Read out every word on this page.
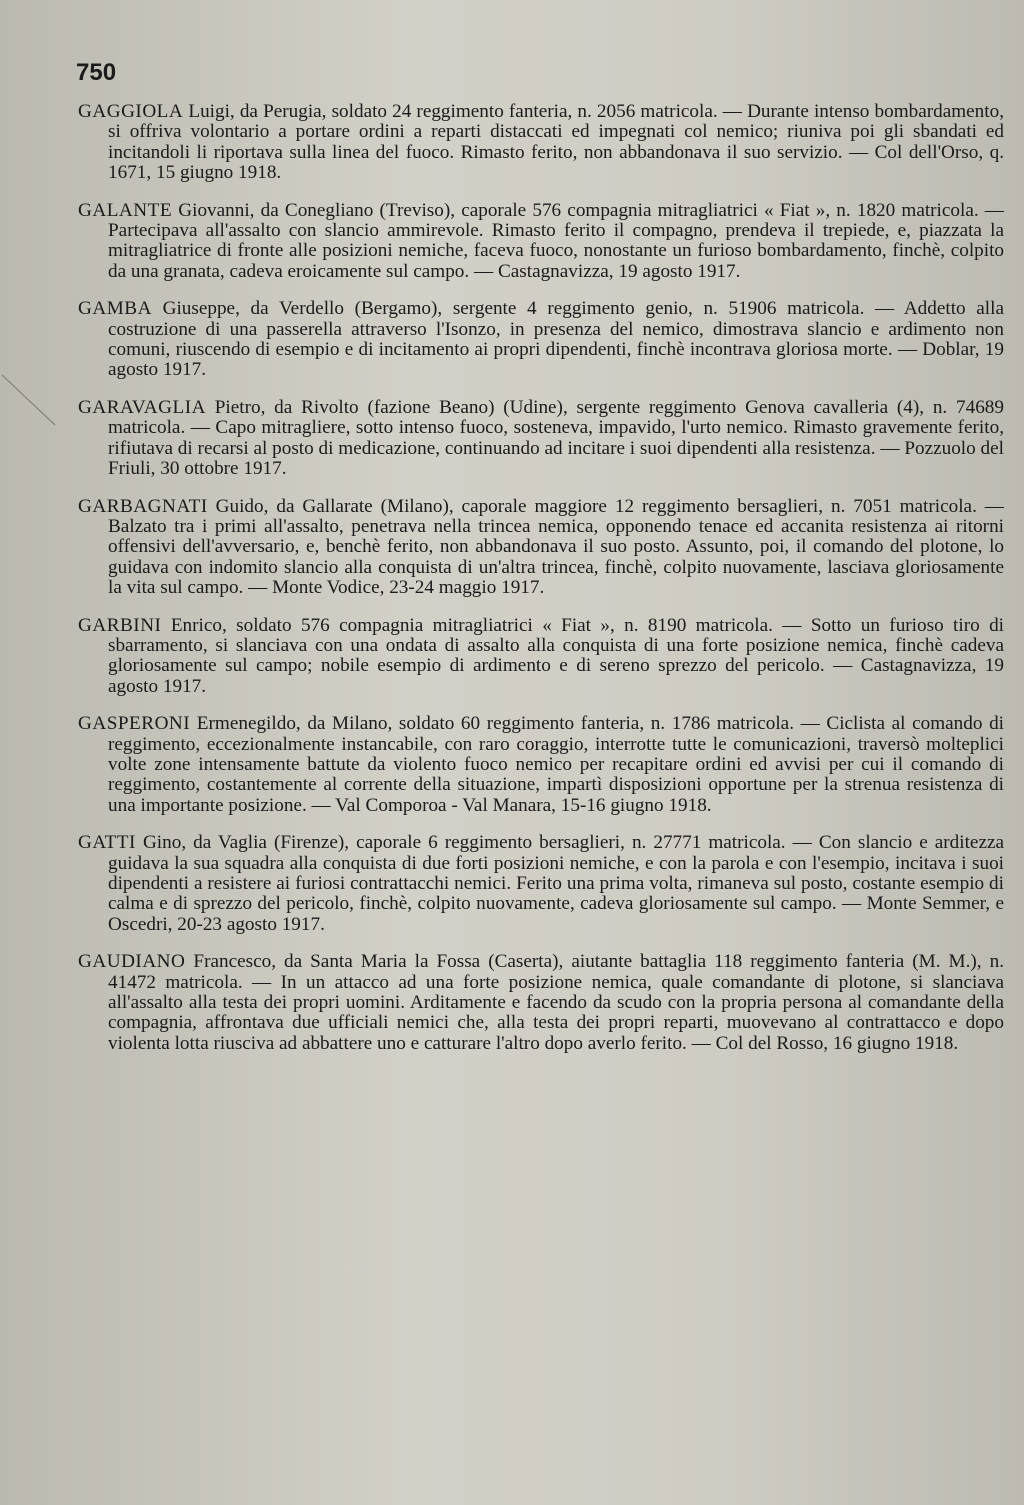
750

GAGGIOLA Luigi, da Perugia, soldato 24 reggimento fanteria, n. 2056 matricola. — Durante intenso bombardamento, si offriva volontario a portare ordini a reparti distaccati ed impegnati col nemico; riuniva poi gli sbandati ed incitandoli li riportava sulla linea del fuoco. Rimasto ferito, non abbandonava il suo servizio. — Col dell'Orso, q. 1671, 15 giugno 1918.

GALANTE Giovanni, da Conegliano (Treviso), caporale 576 compagnia mitragliatrici « Fiat », n. 1820 matricola. — Partecipava all'assalto con slancio ammirevole. Rimasto ferito il compagno, prendeva il trepiede, e, piazzata la mitragliatrice di fronte alle posizioni nemiche, faceva fuoco, nonostante un furioso bombardamento, finchè, colpito da una granata, cadeva eroicamente sul campo. — Castagnavizza, 19 agosto 1917.

GAMBA Giuseppe, da Verdello (Bergamo), sergente 4 reggimento genio, n. 51906 matricola. — Addetto alla costruzione di una passerella attraverso l'Isonzo, in presenza del nemico, dimostrava slancio e ardimento non comuni, riuscendo di esempio e di incitamento ai propri dipendenti, finchè incontrava gloriosa morte. — Doblar, 19 agosto 1917.

GARAVAGLIA Pietro, da Rivolto (fazione Beano) (Udine), sergente reggimento Genova cavalleria (4), n. 74689 matricola. — Capo mitragliere, sotto intenso fuoco, sosteneva, impavido, l'urto nemico. Rimasto gravemente ferito, rifiutava di recarsi al posto di medicazione, continuando ad incitare i suoi dipendenti alla resistenza. — Pozzuolo del Friuli, 30 ottobre 1917.

GARBAGNATI Guido, da Gallarate (Milano), caporale maggiore 12 reggimento bersaglieri, n. 7051 matricola. — Balzato tra i primi all'assalto, penetrava nella trincea nemica, opponendo tenace ed accanita resistenza ai ritorni offensivi dell'avversario, e, benchè ferito, non abbandonava il suo posto. Assunto, poi, il comando del plotone, lo guidava con indomito slancio alla conquista di un'altra trincea, finchè, colpito nuovamente, lasciava gloriosamente la vita sul campo. — Monte Vodice, 23-24 maggio 1917.

GARBINI Enrico, soldato 576 compagnia mitragliatrici « Fiat », n. 8190 matricola. — Sotto un furioso tiro di sbarramento, si slanciava con una ondata di assalto alla conquista di una forte posizione nemica, finchè cadeva gloriosamente sul campo; nobile esempio di ardimento e di sereno sprezzo del pericolo. — Castagnavizza, 19 agosto 1917.

GASPERONI Ermenegildo, da Milano, soldato 60 reggimento fanteria, n. 1786 matricola. — Ciclista al comando di reggimento, eccezionalmente instancabile, con raro coraggio, interrotte tutte le comunicazioni, traversò molteplici volte zone intensamente battute da violento fuoco nemico per recapitare ordini ed avvisi per cui il comando di reggimento, costantemente al corrente della situazione, impartì disposizioni opportune per la strenua resistenza di una importante posizione. — Val Comporoa - Val Manara, 15-16 giugno 1918.

GATTI Gino, da Vaglia (Firenze), caporale 6 reggimento bersaglieri, n. 27771 matricola. — Con slancio e arditezza guidava la sua squadra alla conquista di due forti posizioni nemiche, e con la parola e con l'esempio, incitava i suoi dipendenti a resistere ai furiosi contrattacchi nemici. Ferito una prima volta, rimaneva sul posto, costante esempio di calma e di sprezzo del pericolo, finchè, colpito nuovamente, cadeva gloriosamente sul campo. — Monte Semmer, e Oscedri, 20-23 agosto 1917.

GAUDIANO Francesco, da Santa Maria la Fossa (Caserta), aiutante battaglia 118 reggimento fanteria (M. M.), n. 41472 matricola. — In un attacco ad una forte posizione nemica, quale comandante di plotone, si slanciava all'assalto alla testa dei propri uomini. Arditamente e facendo da scudo con la propria persona al comandante della compagnia, affrontava due ufficiali nemici che, alla testa dei propri reparti, muovevano al contrattacco e dopo violenta lotta riusciva ad abbattere uno e catturare l'altro dopo averlo ferito. — Col del Rosso, 16 giugno 1918.
